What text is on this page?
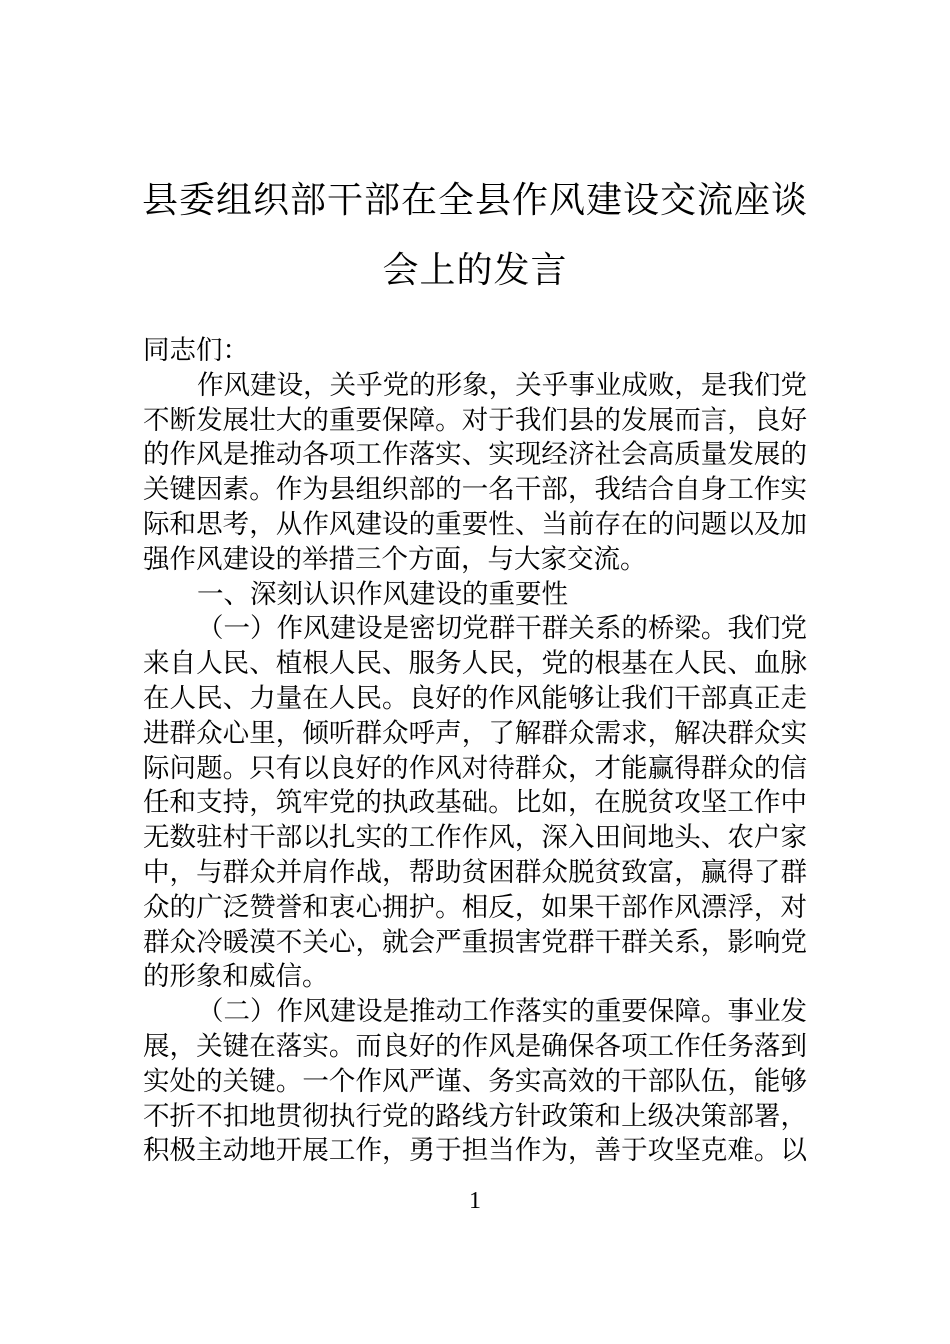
县委组织部干部在全县作风建设交流座谈
会上的发言
同志们：
作风建设，关乎党的形象，关乎事业成败，是我们党
不断发展壮大的重要保障。对于我们县的发展而言，良好
的作风是推动各项工作落实、实现经济社会高质量发展的
关键因素。作为县组织部的一名干部，我结合自身工作实
际和思考，从作风建设的重要性、当前存在的问题以及加
强作风建设的举措三个方面，与大家交流。
一、深刻认识作风建设的重要性
（一）作风建设是密切党群干群关系的桥梁。我们党
来自人民、植根人民、服务人民，党的根基在人民、血脉
在人民、力量在人民。良好的作风能够让我们干部真正走
进群众心里，倾听群众呼声，了解群众需求，解决群众实
际问题。只有以良好的作风对待群众，才能赢得群众的信
任和支持，筑牢党的执政基础。比如，在脱贫攻坚工作中
无数驻村干部以扎实的工作作风，深入田间地头、农户家
中，与群众并肩作战，帮助贫困群众脱贫致富，赢得了群
众的广泛赞誉和衷心拥护。相反，如果干部作风漂浮，对
群众冷暖漠不关心，就会严重损害党群干群关系，影响党
的形象和威信。
（二）作风建设是推动工作落实的重要保障。事业发
展，关键在落实。而良好的作风是确保各项工作任务落到
实处的关键。一个作风严谨、务实高效的干部队伍，能够
不折不扣地贯彻执行党的路线方针政策和上级决策部署，
积极主动地开展工作，勇于担当作为，善于攻坚克难。以
1
